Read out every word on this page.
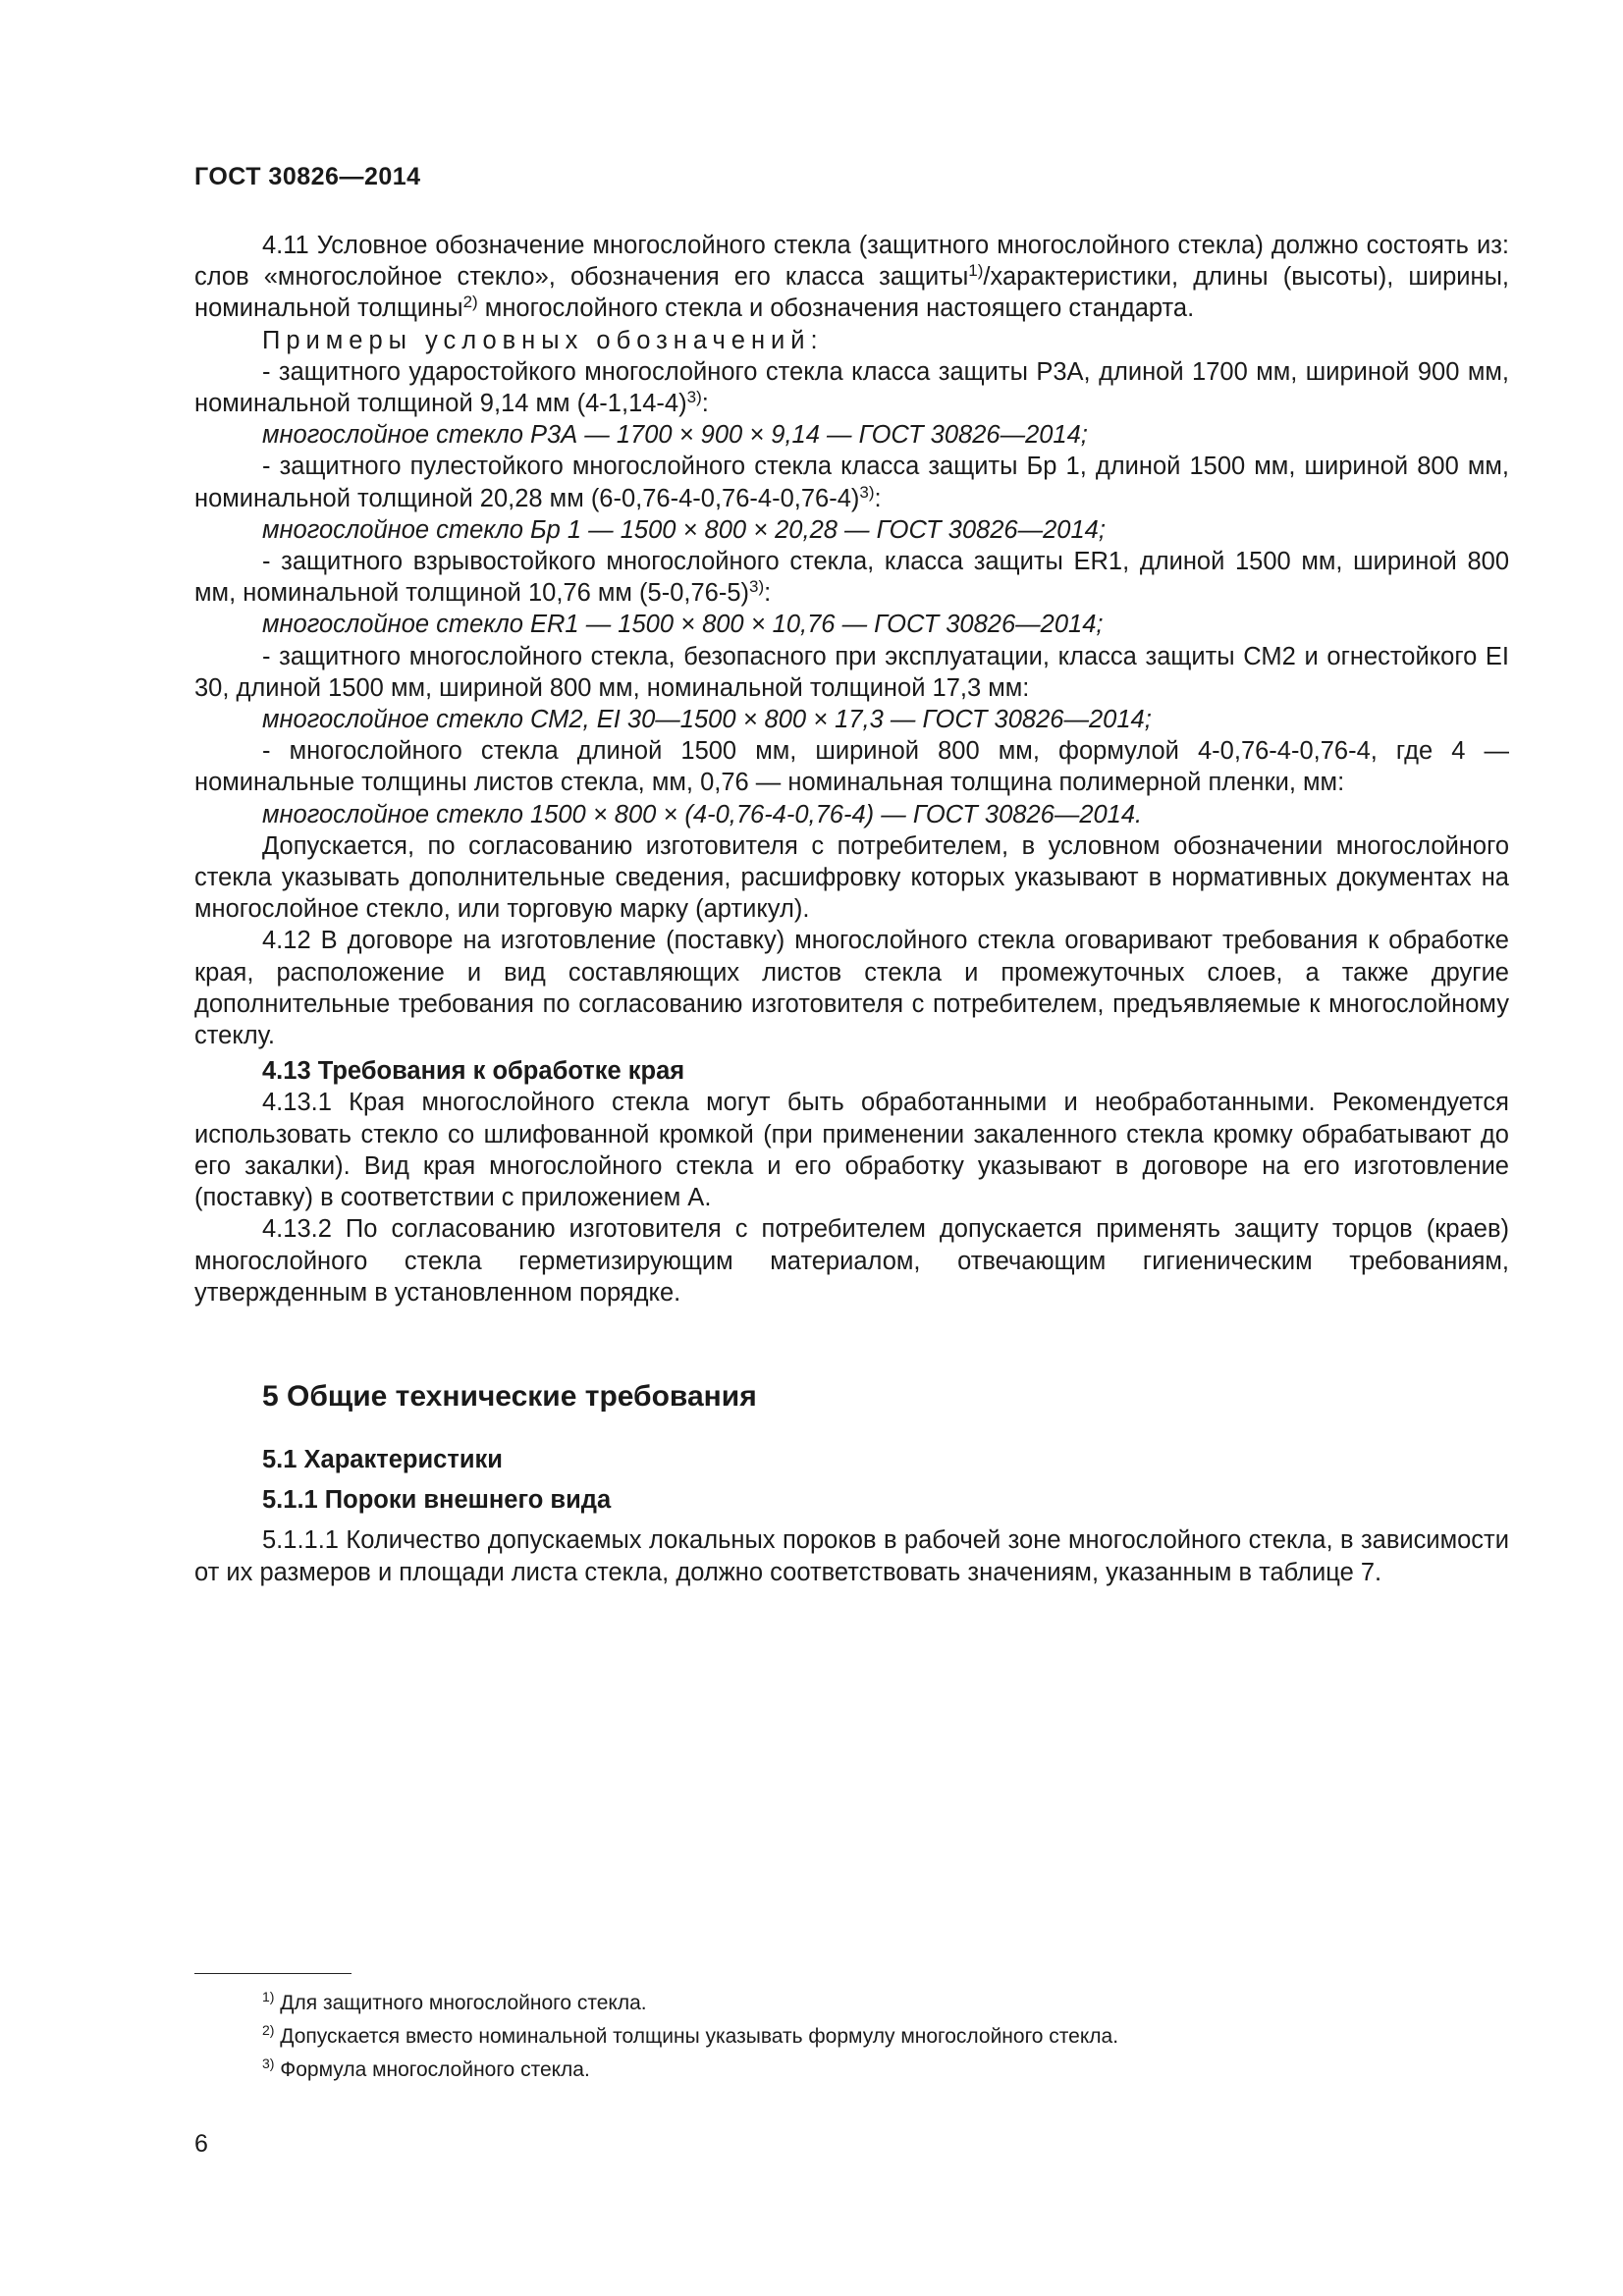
ГОСТ 30826—2014

4.11 Условное обозначение многослойного стекла (защитного многослойного стекла) должно состоять из: слов «многослойное стекло», обозначения его класса защиты$^{1)}$/характеристики, длины (высоты), ширины, номинальной толщины$^{2)}$ многослойного стекла и обозначения настоящего стандарта.

Примеры условных обозначений:

- защитного ударостойкого многослойного стекла класса защиты Р3А, длиной 1700 мм, шириной 900 мм, номинальной толщиной 9,14 мм $(4-1,14-4)^{3)}$:

многослойное стекло Р3А — 1700 × 900 × 9,14 — ГОСТ 30826—2014;

- защитного пулестойкого многослойного стекла класса защиты Бр 1, длиной 1500 мм, шириной 800 мм, номинальной толщиной 20,28 мм $(6-0,76-4-0,76-4-0,76-4)^{3)}$:

многослойное стекло Бр 1 — 1500 × 800 × 20,28 — ГОСТ 30826—2014;

- защитного взрывостойкого многослойного стекла, класса защиты ER1, длиной 1500 мм, шириной 800 мм, номинальной толщиной 10,76 мм $(5-0,76-5)^{3)}$:

многослойное стекло ER1 — 1500 × 800 × 10,76 — ГОСТ 30826—2014;

- защитного многослойного стекла, безопасного при эксплуатации, класса защиты СМ2 и огнестойкого EI 30, длиной 1500 мм, шириной 800 мм, номинальной толщиной 17,3 мм:

многослойное стекло СМ2, EI 30—1500 × 800 × 17,3 — ГОСТ 30826—2014;

- многослойного стекла длиной 1500 мм, шириной 800 мм, формулой 4-0,76-4-0,76-4, где 4 — номинальные толщины листов стекла, мм, 0,76 — номинальная толщина полимерной пленки, мм:

многослойное стекло 1500 × 800 × (4-0,76-4-0,76-4) — ГОСТ 30826—2014.

Допускается, по согласованию изготовителя с потребителем, в условном обозначении многослойного стекла указывать дополнительные сведения, расшифровку которых указывают в нормативных документах на многослойное стекло, или торговую марку (артикул).

4.12 В договоре на изготовление (поставку) многослойного стекла оговаривают требования к обработке края, расположение и вид составляющих листов стекла и промежуточных слоев, а также другие дополнительные требования по согласованию изготовителя с потребителем, предъявляемые к многослойному стеклу.

4.13 Требования к обработке края

4.13.1 Края многослойного стекла могут быть обработанными и необработанными. Рекомендуется использовать стекло со шлифованной кромкой (при применении закаленного стекла кромку обрабатывают до его закалки). Вид края многослойного стекла и его обработку указывают в договоре на его изготовление (поставку) в соответствии с приложением А.

4.13.2 По согласованию изготовителя с потребителем допускается применять защиту торцов (краев) многослойного стекла герметизирующим материалом, отвечающим гигиеническим требованиям, утвержденным в установленном порядке.

5 Общие технические требования

5.1 Характеристики

5.1.1 Пороки внешнего вида

5.1.1.1 Количество допускаемых локальных пороков в рабочей зоне многослойного стекла, в зависимости от их размеров и площади листа стекла, должно соответствовать значениям, указанным в таблице 7.

$^{1)}$ Для защитного многослойного стекла.
$^{2)}$ Допускается вместо номинальной толщины указывать формулу многослойного стекла.
$^{3)}$ Формула многослойного стекла.
6
